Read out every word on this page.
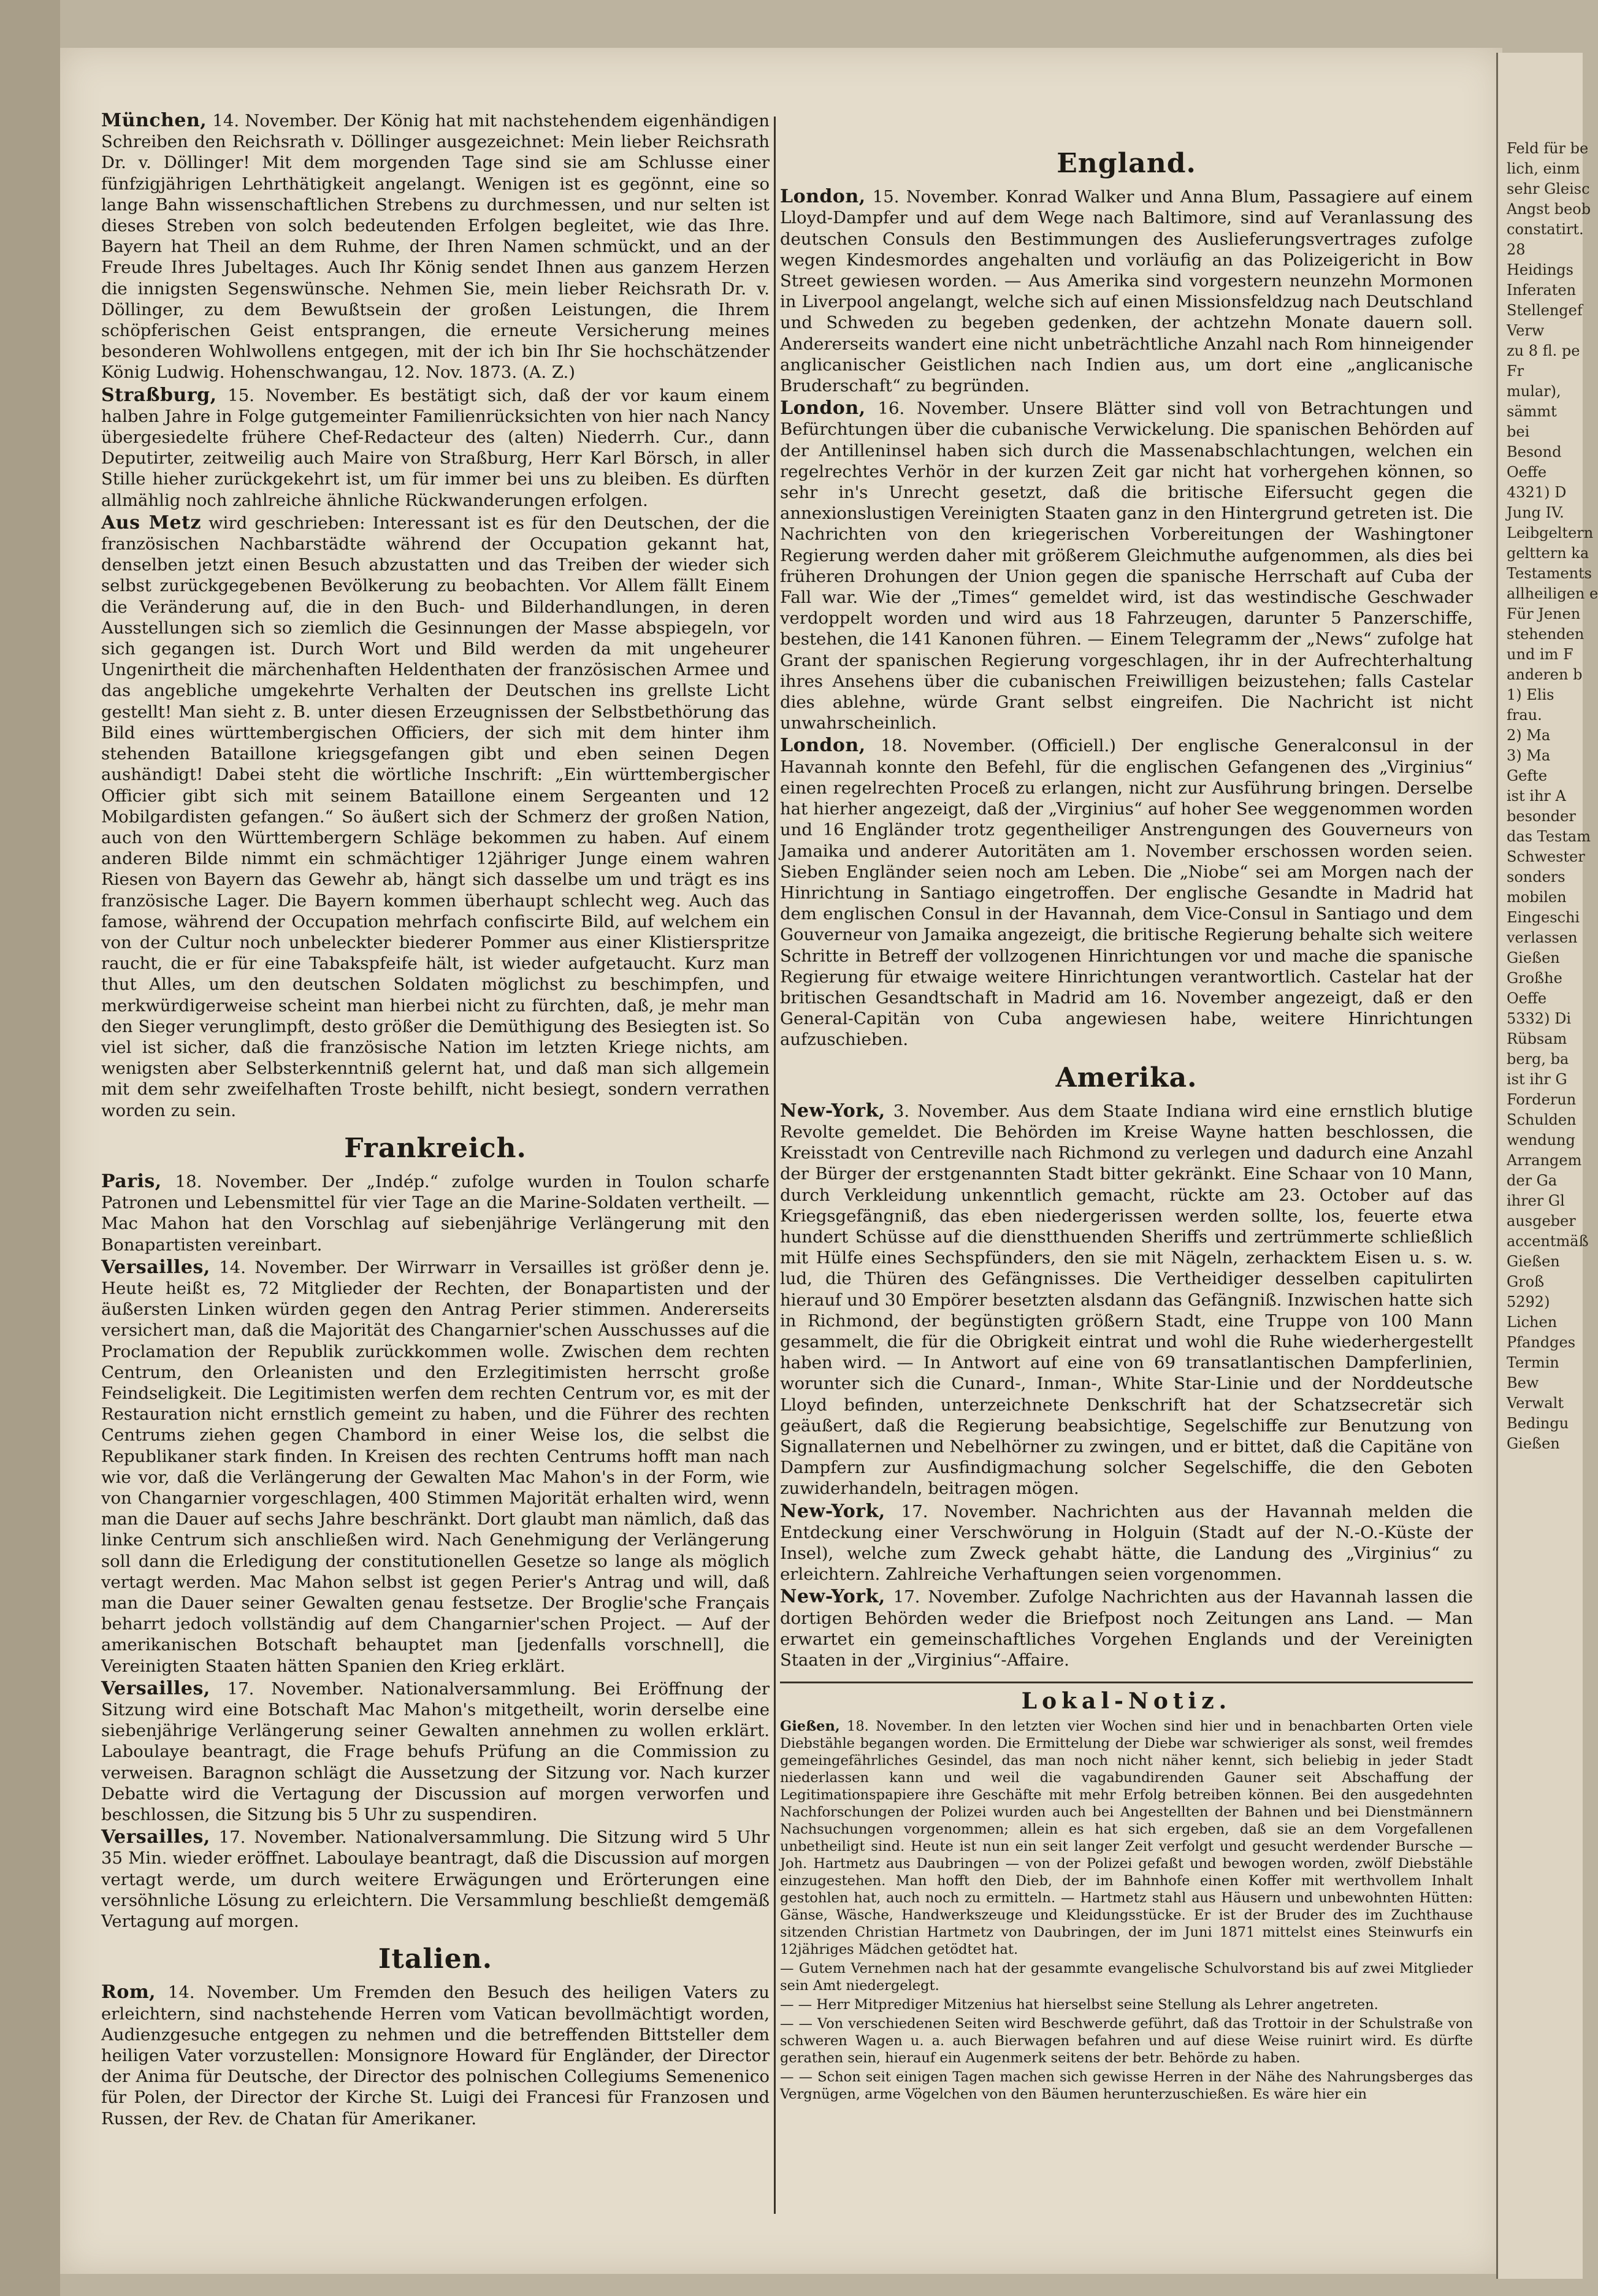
München, 14. November. Der König hat mit nachstehendem eigenhändigen Schreiben den Reichsrath v. Döllinger ausgezeichnet: Mein lieber Reichsrath Dr. v. Döllinger! Mit dem morgenden Tage sind sie am Schlusse einer fünfzigjährigen Lehrthätigkeit angelangt. Wenigen ist es gegönnt, eine so lange Bahn wissenschaftlichen Strebens zu durchmessen, und nur selten ist dieses Streben von solch bedeutenden Erfolgen begleitet, wie das Ihre. Bayern hat Theil an dem Ruhme, der Ihren Namen schmückt, und an der Freude Ihres Jubeltages. Auch Ihr König sendet Ihnen aus ganzem Herzen die innigsten Segenswünsche. Nehmen Sie, mein lieber Reichsrath Dr. v. Döllinger, zu dem Bewußtsein der großen Leistungen, die Ihrem schöpferischen Geist entsprangen, die erneute Versicherung meines besonderen Wohlwollens entgegen, mit der ich bin Ihr Sie hochschätzender König Ludwig. Hohenschwangau, 12. Nov. 1873. (A. Z.)

Straßburg, 15. November. Es bestätigt sich, daß der vor kaum einem halben Jahre in Folge gutgemeinter Familienrücksichten von hier nach Nancy übergesiedelte frühere Chef-Redacteur des (alten) Niederrh. Cur., dann Deputirter, zeitweilig auch Maire von Straßburg, Herr Karl Börsch, in aller Stille hieher zurückgekehrt ist, um für immer bei uns zu bleiben. Es dürften allmählig noch zahlreiche ähnliche Rückwanderungen erfolgen.

Aus Metz wird geschrieben: Interessant ist es für den Deutschen, der die französischen Nachbarstädte während der Occupation gekannt hat, denselben jetzt einen Besuch abzustatten und das Treiben der wieder sich selbst zurückgegebenen Bevölkerung zu beobachten. Vor Allem fällt Einem die Veränderung auf, die in den Buch- und Bilderhandlungen, in deren Ausstellungen sich so ziemlich die Gesinnungen der Masse abspiegeln, vor sich gegangen ist. Durch Wort und Bild werden da mit ungeheurer Ungenirtheit die märchenhaften Heldenthaten der französischen Armee und das angebliche umgekehrte Verhalten der Deutschen ins grellste Licht gestellt! Man sieht z. B. unter diesen Erzeugnissen der Selbstbethörung das Bild eines württembergischen Officiers, der sich mit dem hinter ihm stehenden Bataillone kriegsgefangen gibt und eben seinen Degen aushändigt! Dabei steht die wörtliche Inschrift: „Ein württembergischer Officier gibt sich mit seinem Bataillone einem Sergeanten und 12 Mobilgardisten gefangen.“ So äußert sich der Schmerz der großen Nation, auch von den Württembergern Schläge bekommen zu haben. Auf einem anderen Bilde nimmt ein schmächtiger 12jähriger Junge einem wahren Riesen von Bayern das Gewehr ab, hängt sich dasselbe um und trägt es ins französische Lager. Die Bayern kommen überhaupt schlecht weg. Auch das famose, während der Occupation mehrfach confiscirte Bild, auf welchem ein von der Cultur noch unbeleckter biederer Pommer aus einer Klistierspritze raucht, die er für eine Tabakspfeife hält, ist wieder aufgetaucht. Kurz man thut Alles, um den deutschen Soldaten möglichst zu beschimpfen, und merkwürdigerweise scheint man hierbei nicht zu fürchten, daß, je mehr man den Sieger verunglimpft, desto größer die Demüthigung des Besiegten ist. So viel ist sicher, daß die französische Nation im letzten Kriege nichts, am wenigsten aber Selbsterkenntniß gelernt hat, und daß man sich allgemein mit dem sehr zweifelhaften Troste behilft, nicht besiegt, sondern verrathen worden zu sein.

Frankreich.

Paris, 18. November. Der „Indép.“ zufolge wurden in Toulon scharfe Patronen und Lebensmittel für vier Tage an die Marine-Soldaten vertheilt. — Mac Mahon hat den Vorschlag auf siebenjährige Verlängerung mit den Bonapartisten vereinbart.

Versailles, 14. November. Der Wirrwarr in Versailles ist größer denn je. Heute heißt es, 72 Mitglieder der Rechten, der Bonapartisten und der äußersten Linken würden gegen den Antrag Perier stimmen. Andererseits versichert man, daß die Majorität des Changarnier'schen Ausschusses auf die Proclamation der Republik zurückkommen wolle. Zwischen dem rechten Centrum, den Orleanisten und den Erzlegitimisten herrscht große Feindseligkeit. Die Legitimisten werfen dem rechten Centrum vor, es mit der Restauration nicht ernstlich gemeint zu haben, und die Führer des rechten Centrums ziehen gegen Chambord in einer Weise los, die selbst die Republikaner stark finden. In Kreisen des rechten Centrums hofft man nach wie vor, daß die Verlängerung der Gewalten Mac Mahon's in der Form, wie von Changarnier vorgeschlagen, 400 Stimmen Majorität erhalten wird, wenn man die Dauer auf sechs Jahre beschränkt. Dort glaubt man nämlich, daß das linke Centrum sich anschließen wird. Nach Genehmigung der Verlängerung soll dann die Erledigung der constitutionellen Gesetze so lange als möglich vertagt werden. Mac Mahon selbst ist gegen Perier's Antrag und will, daß man die Dauer seiner Gewalten genau festsetze. Der Broglie'sche Français beharrt jedoch vollständig auf dem Changarnier'schen Project. — Auf der amerikanischen Botschaft behauptet man [jedenfalls vorschnell], die Vereinigten Staaten hätten Spanien den Krieg erklärt.

Versailles, 17. November. Nationalversammlung. Bei Eröffnung der Sitzung wird eine Botschaft Mac Mahon's mitgetheilt, worin derselbe eine siebenjährige Verlängerung seiner Gewalten annehmen zu wollen erklärt. Laboulaye beantragt, die Frage behufs Prüfung an die Commission zu verweisen. Baragnon schlägt die Aussetzung der Sitzung vor. Nach kurzer Debatte wird die Vertagung der Discussion auf morgen verworfen und beschlossen, die Sitzung bis 5 Uhr zu suspendiren.

Versailles, 17. November. Nationalversammlung. Die Sitzung wird 5 Uhr 35 Min. wieder eröffnet. Laboulaye beantragt, daß die Discussion auf morgen vertagt werde, um durch weitere Erwägungen und Erörterungen eine versöhnliche Lösung zu erleichtern. Die Versammlung beschließt demgemäß Vertagung auf morgen.

Italien.

Rom, 14. November. Um Fremden den Besuch des heiligen Vaters zu erleichtern, sind nachstehende Herren vom Vatican bevollmächtigt worden, Audienzgesuche entgegen zu nehmen und die betreffenden Bittsteller dem heiligen Vater vorzustellen: Monsignore Howard für Engländer, der Director der Anima für Deutsche, der Director des polnischen Collegiums Semenenico für Polen, der Director der Kirche St. Luigi dei Francesi für Franzosen und Russen, der Rev. de Chatan für Amerikaner.

England.

London, 15. November. Konrad Walker und Anna Blum, Passagiere auf einem Lloyd-Dampfer und auf dem Wege nach Baltimore, sind auf Veranlassung des deutschen Consuls den Bestimmungen des Auslieferungsvertrages zufolge wegen Kindesmordes angehalten und vorläufig an das Polizeigericht in Bow Street gewiesen worden. — Aus Amerika sind vorgestern neunzehn Mormonen in Liverpool angelangt, welche sich auf einen Missionsfeldzug nach Deutschland und Schweden zu begeben gedenken, der achtzehn Monate dauern soll. Andererseits wandert eine nicht unbeträchtliche Anzahl nach Rom hinneigender anglicanischer Geistlichen nach Indien aus, um dort eine „anglicanische Bruderschaft“ zu begründen.

London, 16. November. Unsere Blätter sind voll von Betrachtungen und Befürchtungen über die cubanische Verwickelung. Die spanischen Behörden auf der Antilleninsel haben sich durch die Massenabschlachtungen, welchen ein regelrechtes Verhör in der kurzen Zeit gar nicht hat vorhergehen können, so sehr in's Unrecht gesetzt, daß die britische Eifersucht gegen die annexionslustigen Vereinigten Staaten ganz in den Hintergrund getreten ist. Die Nachrichten von den kriegerischen Vorbereitungen der Washingtoner Regierung werden daher mit größerem Gleichmuthe aufgenommen, als dies bei früheren Drohungen der Union gegen die spanische Herrschaft auf Cuba der Fall war. Wie der „Times“ gemeldet wird, ist das westindische Geschwader verdoppelt worden und wird aus 18 Fahrzeugen, darunter 5 Panzerschiffe, bestehen, die 141 Kanonen führen. — Einem Telegramm der „News“ zufolge hat Grant der spanischen Regierung vorgeschlagen, ihr in der Aufrechterhaltung ihres Ansehens über die cubanischen Freiwilligen beizustehen; falls Castelar dies ablehne, würde Grant selbst eingreifen. Die Nachricht ist nicht unwahrscheinlich.

London, 18. November. (Officiell.) Der englische Generalconsul in der Havannah konnte den Befehl, für die englischen Gefangenen des „Virginius“ einen regelrechten Proceß zu erlangen, nicht zur Ausführung bringen. Derselbe hat hierher angezeigt, daß der „Virginius“ auf hoher See weggenommen worden und 16 Engländer trotz gegentheiliger Anstrengungen des Gouverneurs von Jamaika und anderer Autoritäten am 1. November erschossen worden seien. Sieben Engländer seien noch am Leben. Die „Niobe“ sei am Morgen nach der Hinrichtung in Santiago eingetroffen. Der englische Gesandte in Madrid hat dem englischen Consul in der Havannah, dem Vice-Consul in Santiago und dem Gouverneur von Jamaika angezeigt, die britische Regierung behalte sich weitere Schritte in Betreff der vollzogenen Hinrichtungen vor und mache die spanische Regierung für etwaige weitere Hinrichtungen verantwortlich. Castelar hat der britischen Gesandtschaft in Madrid am 16. November angezeigt, daß er den General-Capitän von Cuba angewiesen habe, weitere Hinrichtungen aufzuschieben.

Amerika.

New-York, 3. November. Aus dem Staate Indiana wird eine ernstlich blutige Revolte gemeldet. Die Behörden im Kreise Wayne hatten beschlossen, die Kreisstadt von Centreville nach Richmond zu verlegen und dadurch eine Anzahl der Bürger der erstgenannten Stadt bitter gekränkt. Eine Schaar von 10 Mann, durch Verkleidung unkenntlich gemacht, rückte am 23. October auf das Kriegsgefängniß, das eben niedergerissen werden sollte, los, feuerte etwa hundert Schüsse auf die dienstthuenden Sheriffs und zertrümmerte schließlich mit Hülfe eines Sechspfünders, den sie mit Nägeln, zerhacktem Eisen u. s. w. lud, die Thüren des Gefängnisses. Die Vertheidiger desselben capitulirten hierauf und 30 Empörer besetzten alsdann das Gefängniß. Inzwischen hatte sich in Richmond, der begünstigten größern Stadt, eine Truppe von 100 Mann gesammelt, die für die Obrigkeit eintrat und wohl die Ruhe wiederhergestellt haben wird. — In Antwort auf eine von 69 transatlantischen Dampferlinien, worunter sich die Cunard-, Inman-, White Star-Linie und der Norddeutsche Lloyd befinden, unterzeichnete Denkschrift hat der Schatzsecretär sich geäußert, daß die Regierung beabsichtige, Segelschiffe zur Benutzung von Signallaternen und Nebelhörner zu zwingen, und er bittet, daß die Capitäne von Dampfern zur Ausfindigmachung solcher Segelschiffe, die den Geboten zuwiderhandeln, beitragen mögen.

New-York, 17. November. Nachrichten aus der Havannah melden die Entdeckung einer Verschwörung in Holguin (Stadt auf der N.-O.-Küste der Insel), welche zum Zweck gehabt hätte, die Landung des „Virginius“ zu erleichtern. Zahlreiche Verhaftungen seien vorgenommen.

New-York, 17. November. Zufolge Nachrichten aus der Havannah lassen die dortigen Behörden weder die Briefpost noch Zeitungen ans Land. — Man erwartet ein gemeinschaftliches Vorgehen Englands und der Vereinigten Staaten in der „Virginius“-Affaire.

Lokal-Notiz.

Gießen, 18. November. In den letzten vier Wochen sind hier und in benachbarten Orten viele Diebstähle begangen worden. Die Ermittelung der Diebe war schwieriger als sonst, weil fremdes gemeingefährliches Gesindel, das man noch nicht näher kennt, sich beliebig in jeder Stadt niederlassen kann und weil die vagabundirenden Gauner seit Abschaffung der Legitimationspapiere ihre Geschäfte mit mehr Erfolg betreiben können. Bei den ausgedehnten Nachforschungen der Polizei wurden auch bei Angestellten der Bahnen und bei Dienstmännern Nachsuchungen vorgenommen; allein es hat sich ergeben, daß sie an dem Vorgefallenen unbetheiligt sind. Heute ist nun ein seit langer Zeit verfolgt und gesucht werdender Bursche — Joh. Hartmetz aus Daubringen — von der Polizei gefaßt und bewogen worden, zwölf Diebstähle einzugestehen. Man hofft den Dieb, der im Bahnhofe einen Koffer mit werthvollem Inhalt gestohlen hat, auch noch zu ermitteln. — Hartmetz stahl aus Häusern und unbewohnten Hütten: Gänse, Wäsche, Handwerkszeuge und Kleidungsstücke. Er ist der Bruder des im Zuchthause sitzenden Christian Hartmetz von Daubringen, der im Juni 1871 mittelst eines Steinwurfs ein 12jähriges Mädchen getödtet hat.

— Gutem Vernehmen nach hat der gesammte evangelische Schulvorstand bis auf zwei Mitglieder sein Amt niedergelegt.

— — Herr Mitprediger Mitzenius hat hierselbst seine Stellung als Lehrer angetreten.

— — Von verschiedenen Seiten wird Beschwerde geführt, daß das Trottoir in der Schulstraße von schweren Wagen u. a. auch Bierwagen befahren und auf diese Weise ruinirt wird. Es dürfte gerathen sein, hierauf ein Augenmerk seitens der betr. Behörde zu haben.

— — Schon seit einigen Tagen machen sich gewisse Herren in der Nähe des Nahrungsberges das Vergnügen, arme Vögelchen von den Bäumen herunterzuschießen. Es wäre hier ein

Feld für be
lich, einm
sehr Gleisc
Angst beob
constatirt.
28
Heidings
Inferaten
Stellengef
Verw
zu 8 fl. pe
Fr
mular),
sämmt
bei
Besond
Oeffe
4321) D
Jung IV.
Leibgeltern
gelttern ka
Testaments
allheiligen e
Für Jenen
stehenden
und im F
anderen b
1) Elis
frau.
2) Ma
3) Ma
Gefte
ist ihr A
besonder
das Testam
Schwester
sonders
mobilen
Eingeschi
verlassen
Gießen
Großhe
Oeffe
5332) Di
Rübsam
berg, ba
ist ihr G
Forderun
Schulden
wendung
Arrangem
der Ga
ihrer Gl
ausgeber
accentmäß
Gießen
Groß
5292)
Lichen
Pfandges
Termin
Bew
Verwalt
Bedingu
Gießen
